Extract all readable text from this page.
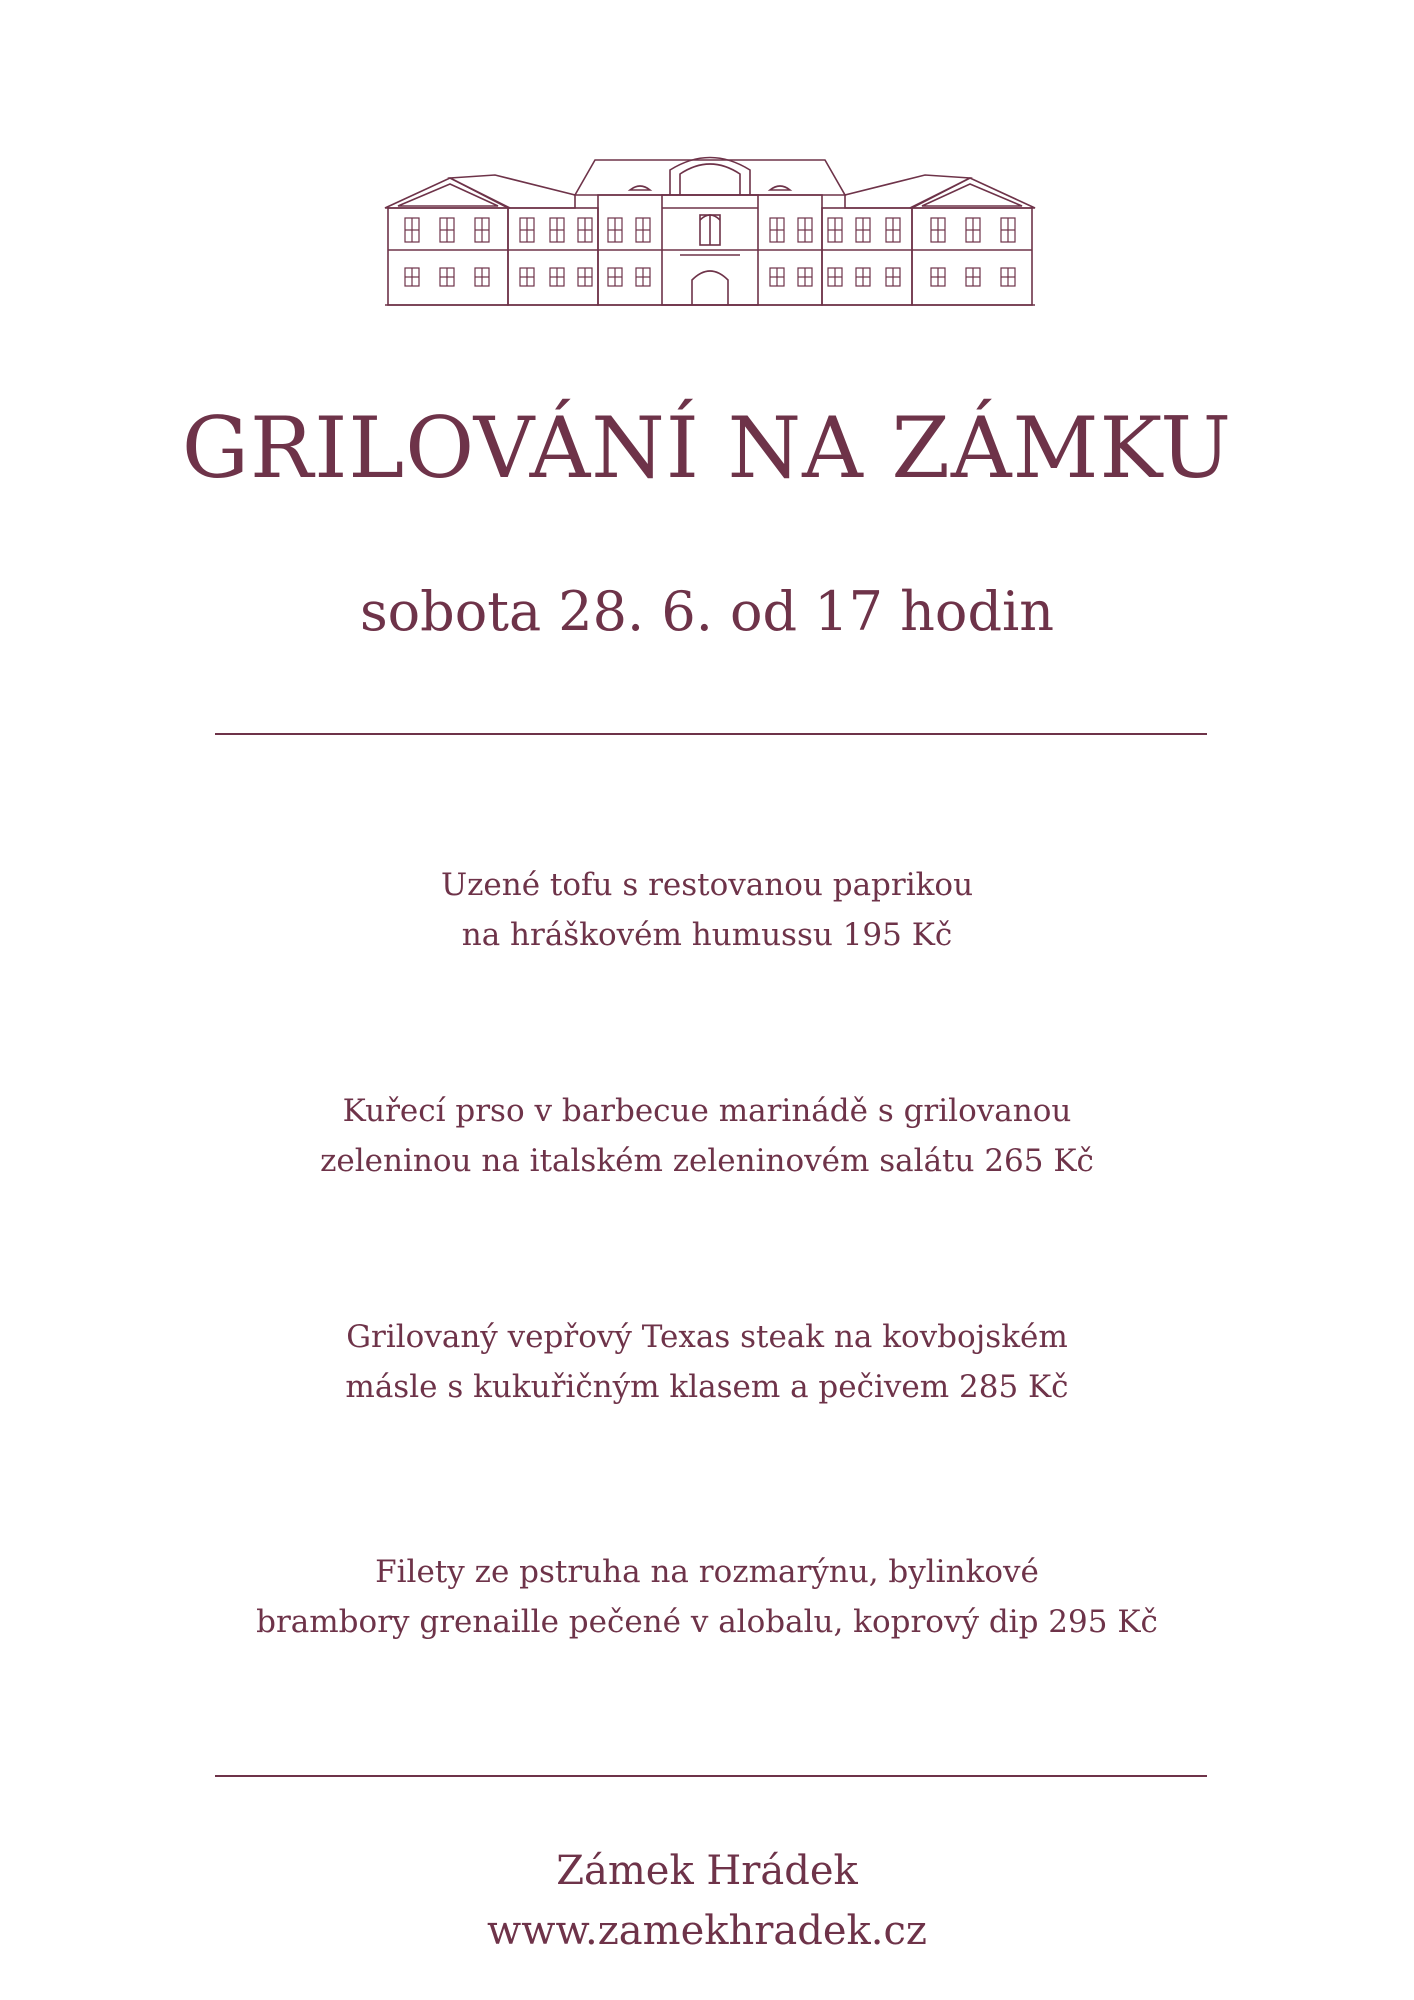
GRILOVÁNÍ NA ZÁMKU
sobota 28. 6. od 17 hodin
Uzené tofu s restovanou paprikou
na hráškovém humussu 195 Kč
Kuřecí prso v barbecue marinádě s grilovanou
zeleninou na italském zeleninovém salátu 265 Kč
Grilovaný vepřový Texas steak na kovbojském
másle s kukuřičným klasem a pečivem 285 Kč
Filety ze pstruha na rozmarýnu, bylinkové
brambory grenaille pečené v alobalu, koprový dip 295 Kč
Zámek Hrádek
www.zamekhradek.cz
